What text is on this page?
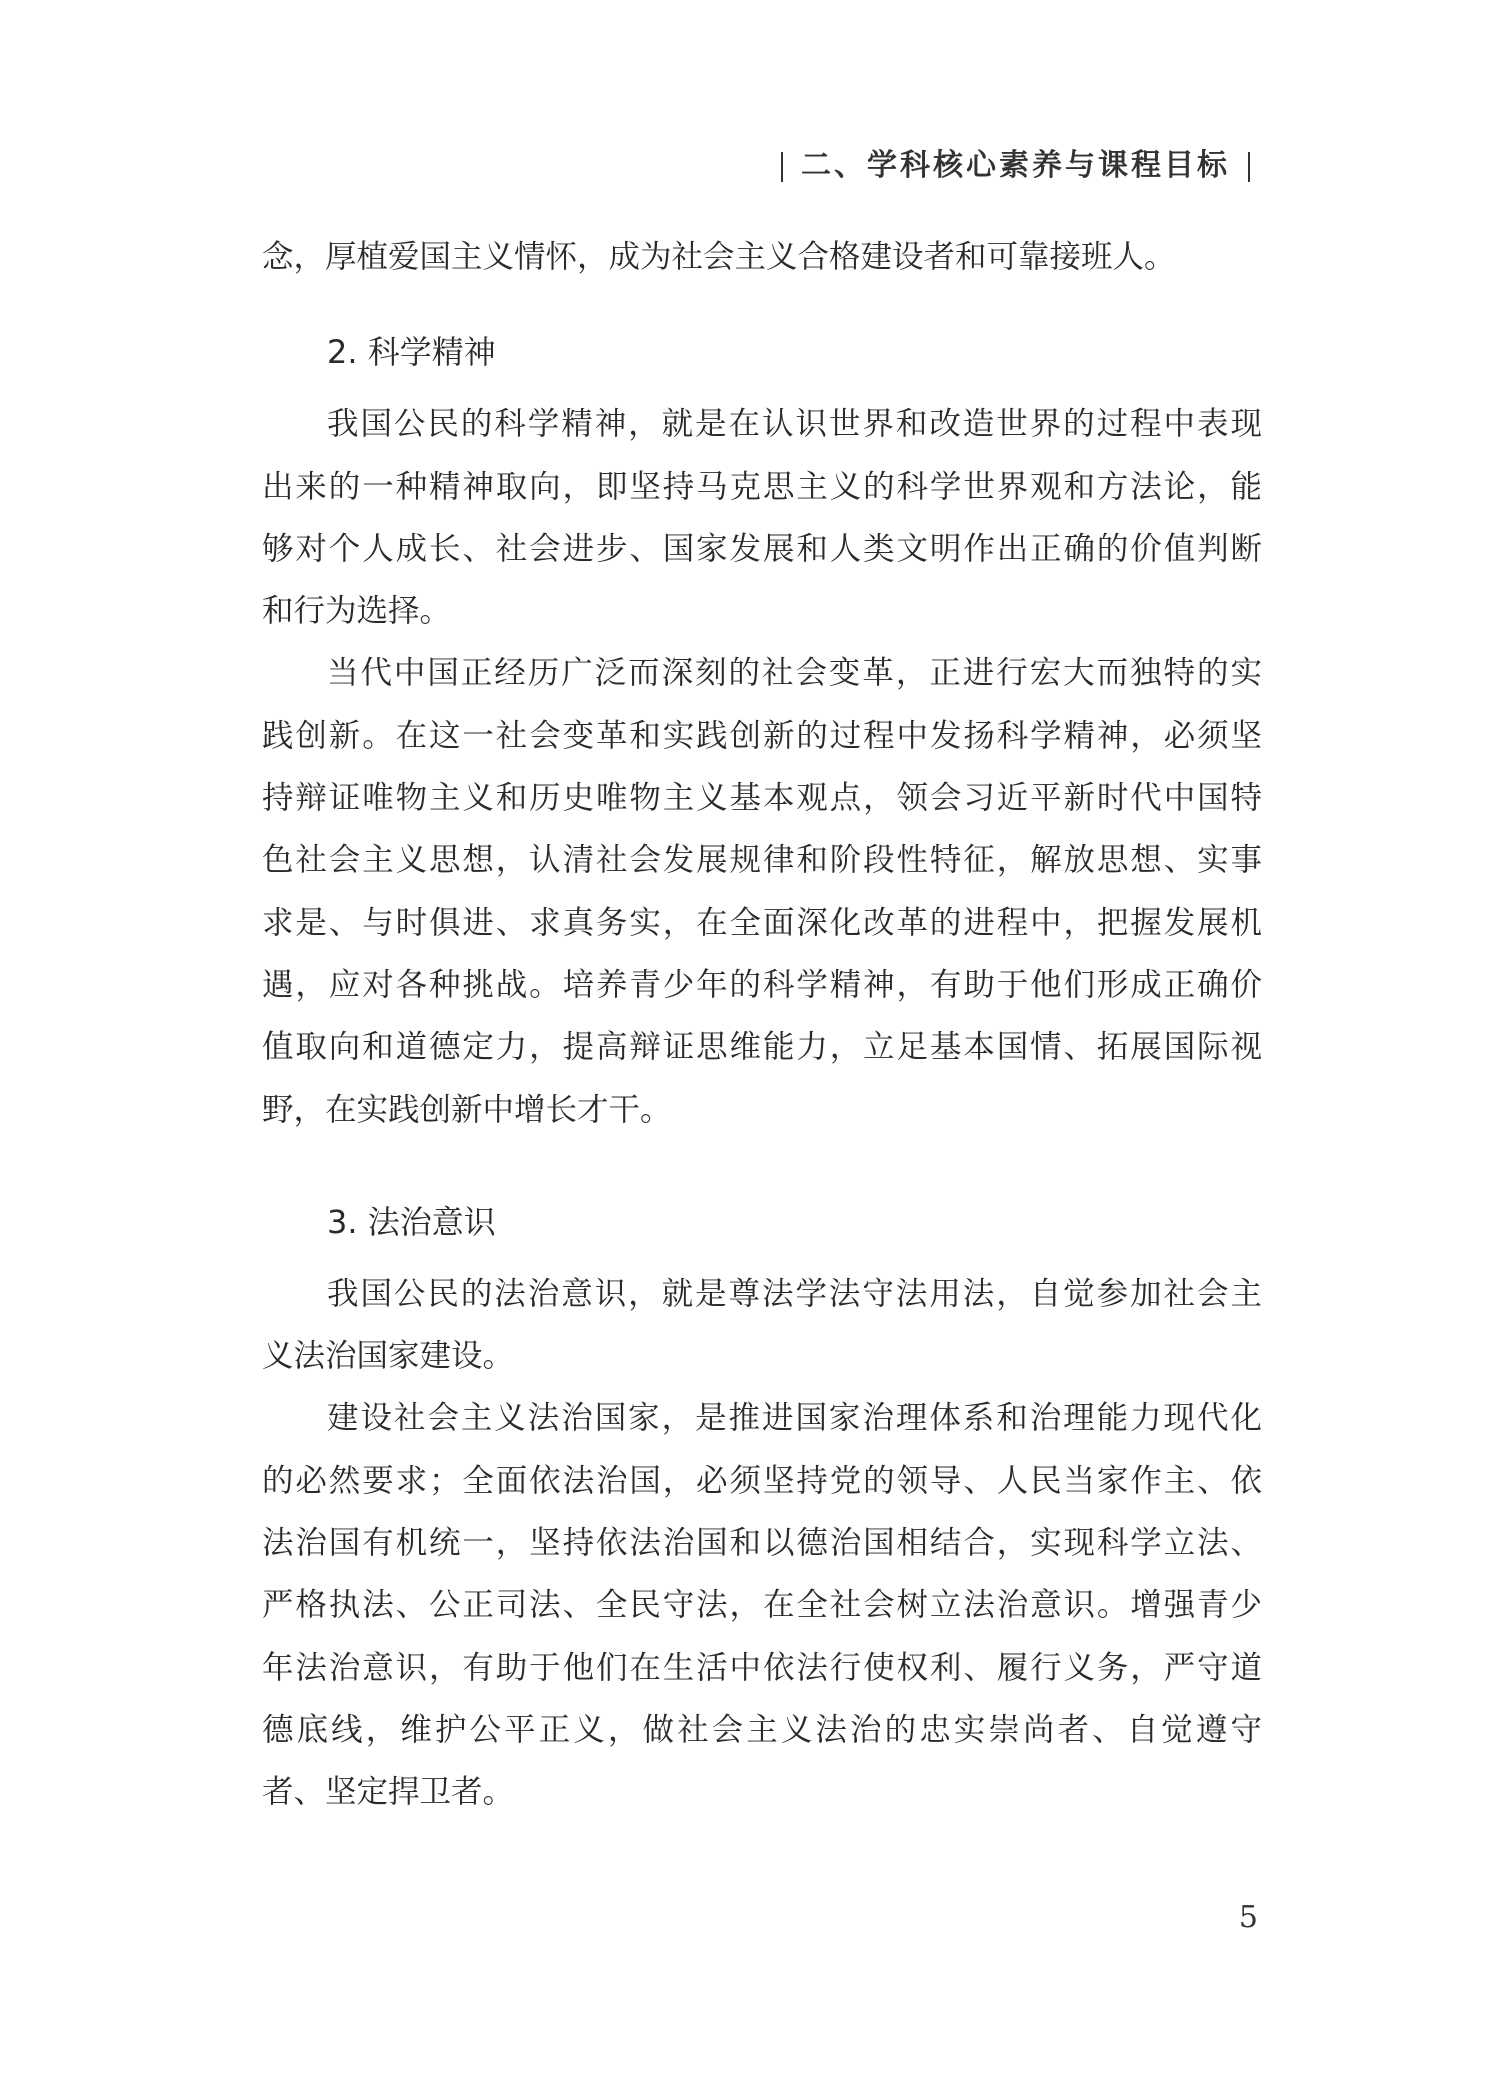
二、学科核心素养与课程目标
念，厚植爱国主义情怀，成为社会主义合格建设者和可靠接班人。
2. 科学精神
我国公民的科学精神，就是在认识世界和改造世界的过程中表现
出来的一种精神取向，即坚持马克思主义的科学世界观和方法论，能
够对个人成长、社会进步、国家发展和人类文明作出正确的价值判断
和行为选择。
当代中国正经历广泛而深刻的社会变革，正进行宏大而独特的实
践创新。在这一社会变革和实践创新的过程中发扬科学精神，必须坚
持辩证唯物主义和历史唯物主义基本观点，领会习近平新时代中国特
色社会主义思想，认清社会发展规律和阶段性特征，解放思想、实事
求是、与时俱进、求真务实，在全面深化改革的进程中，把握发展机
遇，应对各种挑战。培养青少年的科学精神，有助于他们形成正确价
值取向和道德定力，提高辩证思维能力，立足基本国情、拓展国际视
野，在实践创新中增长才干。
3. 法治意识
我国公民的法治意识，就是尊法学法守法用法，自觉参加社会主
义法治国家建设。
建设社会主义法治国家，是推进国家治理体系和治理能力现代化
的必然要求；全面依法治国，必须坚持党的领导、人民当家作主、依
法治国有机统一，坚持依法治国和以德治国相结合，实现科学立法、
严格执法、公正司法、全民守法，在全社会树立法治意识。增强青少
年法治意识，有助于他们在生活中依法行使权利、履行义务，严守道
德底线，维护公平正义，做社会主义法治的忠实崇尚者、自觉遵守
者、坚定捍卫者。
5
